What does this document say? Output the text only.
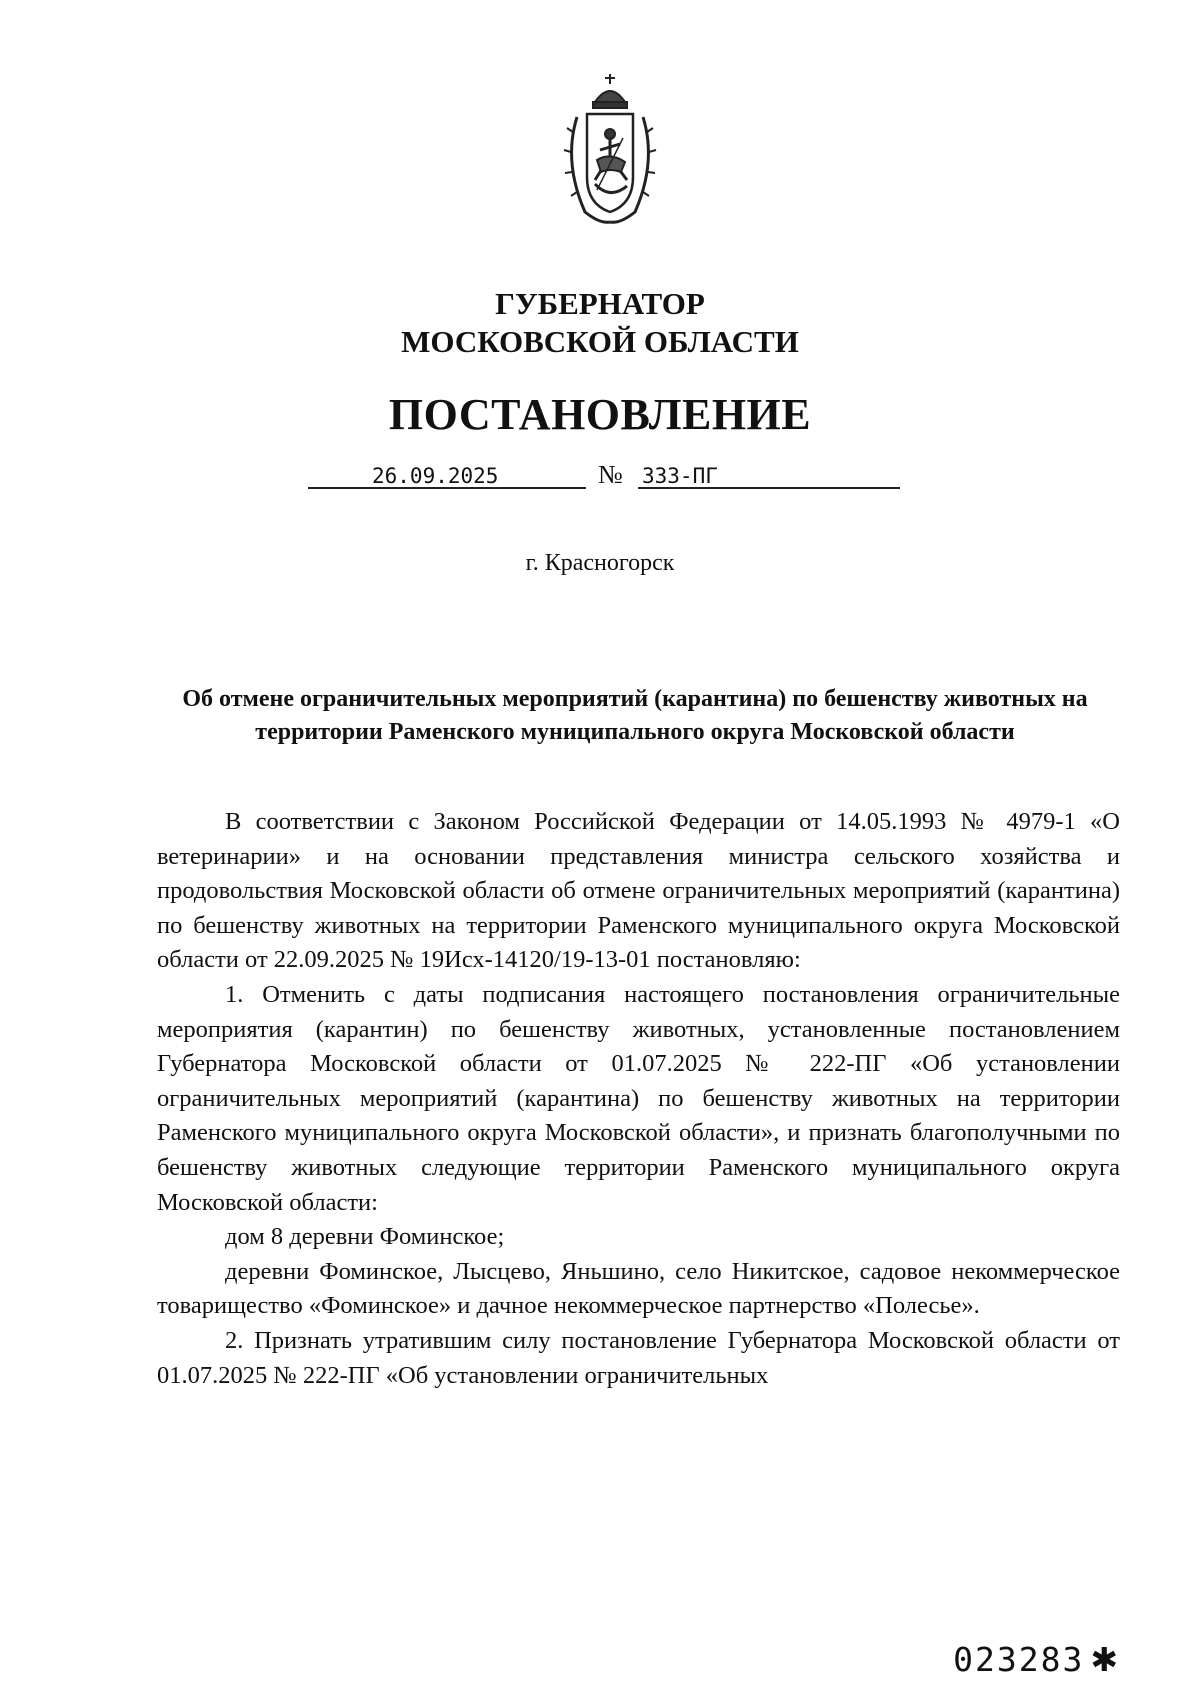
ГУБЕРНАТОР
МОСКОВСКОЙ ОБЛАСТИ
ПОСТАНОВЛЕНИЕ
26.09.2025	№ 333-ПГ
г. Красногорск
Об отмене ограничительных мероприятий (карантина) по бешенству животных на территории Раменского муниципального округа Московской области

В соответствии с Законом Российской Федерации от 14.05.1993 № 4979-1 «О ветеринарии» и на основании представления министра сельского хозяйства и продовольствия Московской области об отмене ограничительных мероприятий (карантина) по бешенству животных на территории Раменского муниципального округа Московской области от 22.09.2025 № 19Исх-14120/19-13-01 постановляю:

1. Отменить с даты подписания настоящего постановления ограничительные мероприятия (карантин) по бешенству животных, установленные постановлением Губернатора Московской области от 01.07.2025 № 222-ПГ «Об установлении ограничительных мероприятий (карантина) по бешенству животных на территории Раменского муниципального округа Московской области», и признать благополучными по бешенству животных следующие территории Раменского муниципального округа Московской области:

дом 8 деревни Фоминское;

деревни Фоминское, Лысцево, Яньшино, село Никитское, садовое некоммерческое товарищество «Фоминское» и дачное некоммерческое партнерство «Полесье».

2. Признать утратившим силу постановление Губернатора Московской области от 01.07.2025 № 222-ПГ «Об установлении ограничительных

023283 ✱
